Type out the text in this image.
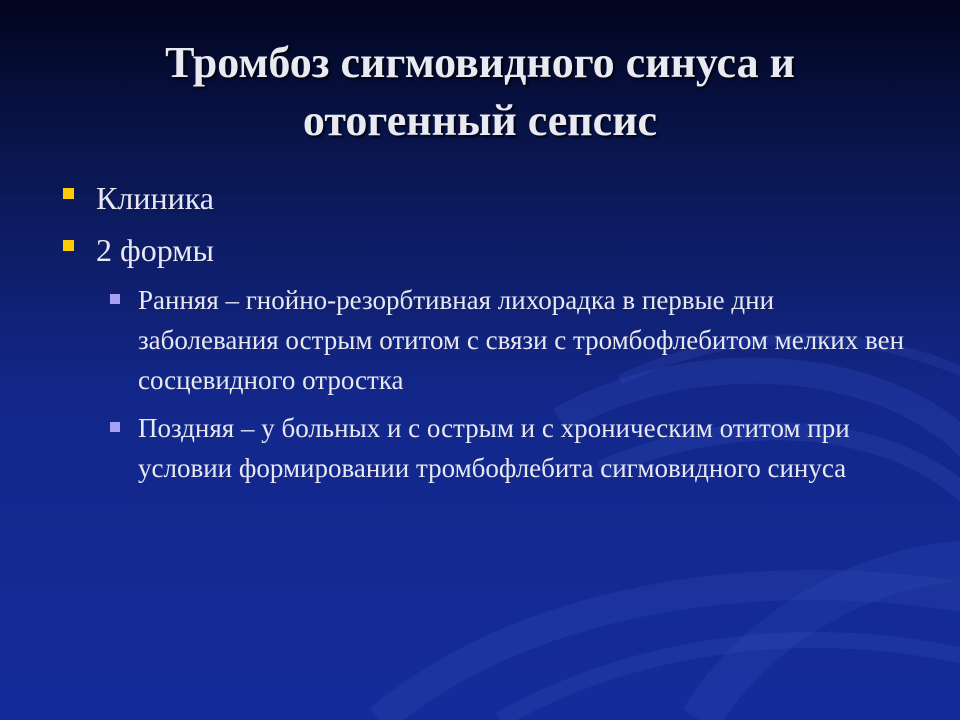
Тромбоз сигмовидного синуса и
отогенный сепсис
Клиника
2 формы
Ранняя – гнойно-резорбтивная лихорадка в первые дни заболевания острым отитом с связи с тромбофлебитом мелких вен сосцевидного отростка
Поздняя – у больных и с острым и с хроническим отитом при условии формировании тромбофлебита сигмовидного синуса
